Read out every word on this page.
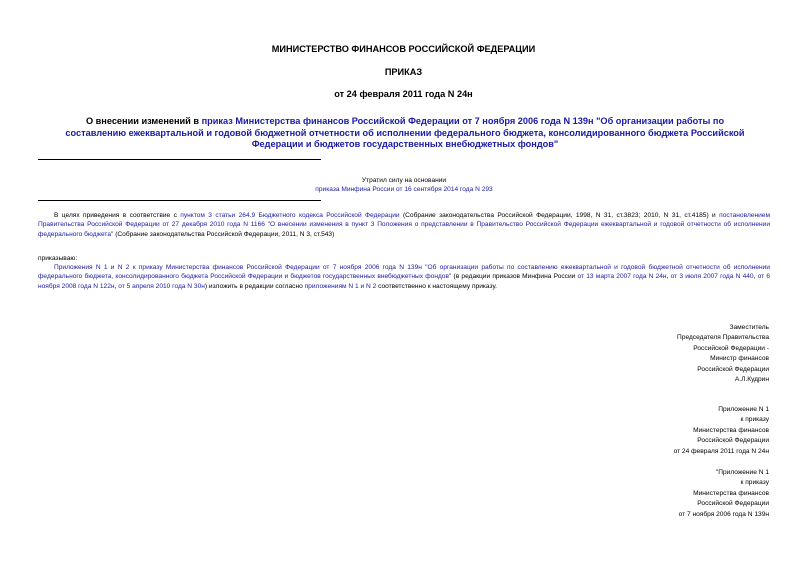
МИНИСТЕРСТВО ФИНАНСОВ РОССИЙСКОЙ ФЕДЕРАЦИИ
ПРИКАЗ
от 24 февраля 2011 года N 24н
О внесении изменений в приказ Министерства финансов Российской Федерации от 7 ноября 2006 года N 139н "Об организации работы по составлению ежеквартальной и годовой бюджетной отчетности об исполнении федерального бюджета, консолидированного бюджета Российской Федерации и бюджетов государственных внебюджетных фондов"
Утратил силу на основании
приказа Минфина России от 16 сентября 2014 года N 293
В целях приведения в соответствие с пунктом 3 статьи 264.9 Бюджетного кодекса Российской Федерации (Собрание законодательства Российской Федерации, 1998, N 31, ст.3823; 2010, N 31, ст.4185) и постановлением Правительства Российской Федерации от 27 декабря 2010 года N 1166 "О внесении изменения в пункт 3 Положения о представлении в Правительство Российской Федерации ежеквартальной и годовой отчетности об исполнении федерального бюджета" (Собрание законодательства Российской Федерации, 2011, N 3, ст.543)
приказываю:
Приложения N 1 и N 2 к приказу Министерства финансов Российской Федерации от 7 ноября 2006 года N 139н "Об организации работы по составлению ежеквартальной и годовой бюджетной отчетности об исполнении федерального бюджета, консолидированного бюджета Российской Федерации и бюджетов государственных внебюджетных фондов" (в редакции приказов Минфина России от 13 марта 2007 года N 24н, от 3 июля 2007 года N 440, от 6 ноября 2008 года N 122н, от 5 апреля 2010 года N 30н) изложить в редакции согласно приложениям N 1 и N 2 соответственно к настоящему приказу.
Заместитель
Председателя Правительства
Российской Федерации -
Министр финансов
Российской Федерации
А.Л.Кудрин
Приложение N 1
к приказу
Министерства финансов
Российской Федерации
от 24 февраля 2011 года N 24н
"Приложение N 1
к приказу
Министерства финансов
Российской Федерации
от 7 ноября 2006 года N 139н
